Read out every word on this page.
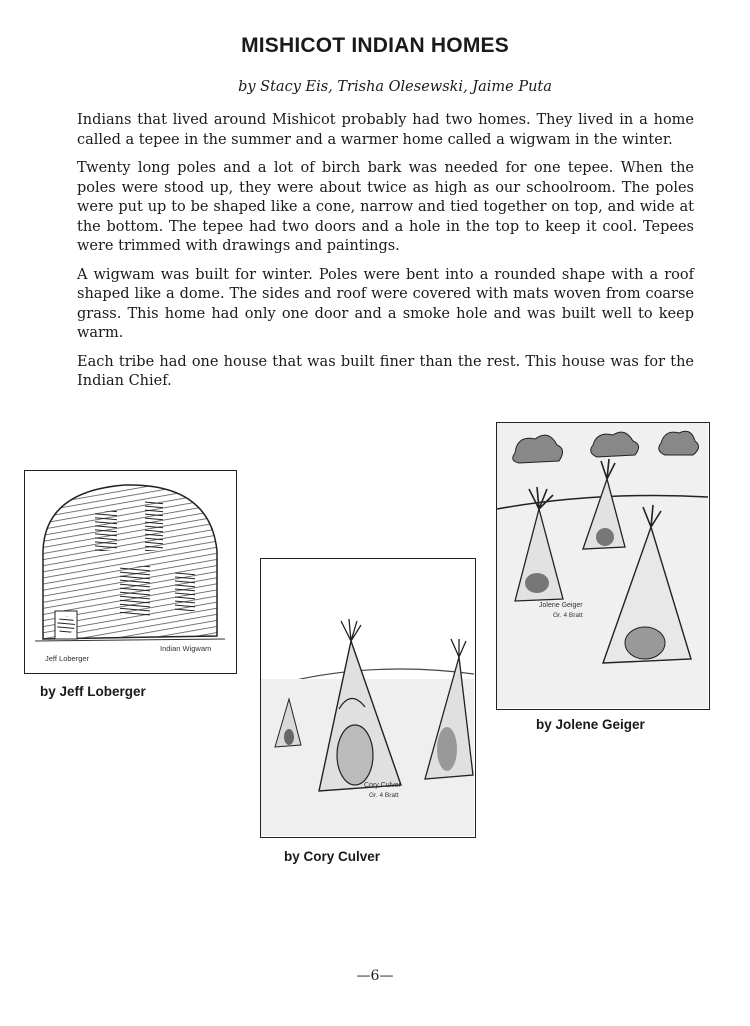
MISHICOT INDIAN HOMES
by Stacy Eis, Trisha Olesewski, Jaime Puta

Indians that lived around Mishicot probably had two homes. They lived in a home called a tepee in the summer and a warmer home called a wigwam in the winter.

Twenty long poles and a lot of birch bark was needed for one tepee. When the poles were stood up, they were about twice as high as our schoolroom. The poles were put up to be shaped like a cone, narrow and tied together on top, and wide at the bottom. The tepee had two doors and a hole in the top to keep it cool. Tepees were trimmed with drawings and paintings.

A wigwam was built for winter. Poles were bent into a rounded shape with a roof shaped like a dome. The sides and roof were covered with mats woven from coarse grass. This home had only one door and a smoke hole and was built well to keep warm.

Each tribe had one house that was built finer than the rest. This house was for the Indian Chief.

Jeff Loberger
Indian Wigwam
by Jeff Loberger
Cory Culver
Gr. 4 Bratt
by Cory Culver
Jolene Geiger
Gr. 4 Bratt
by Jolene Geiger
—6—
